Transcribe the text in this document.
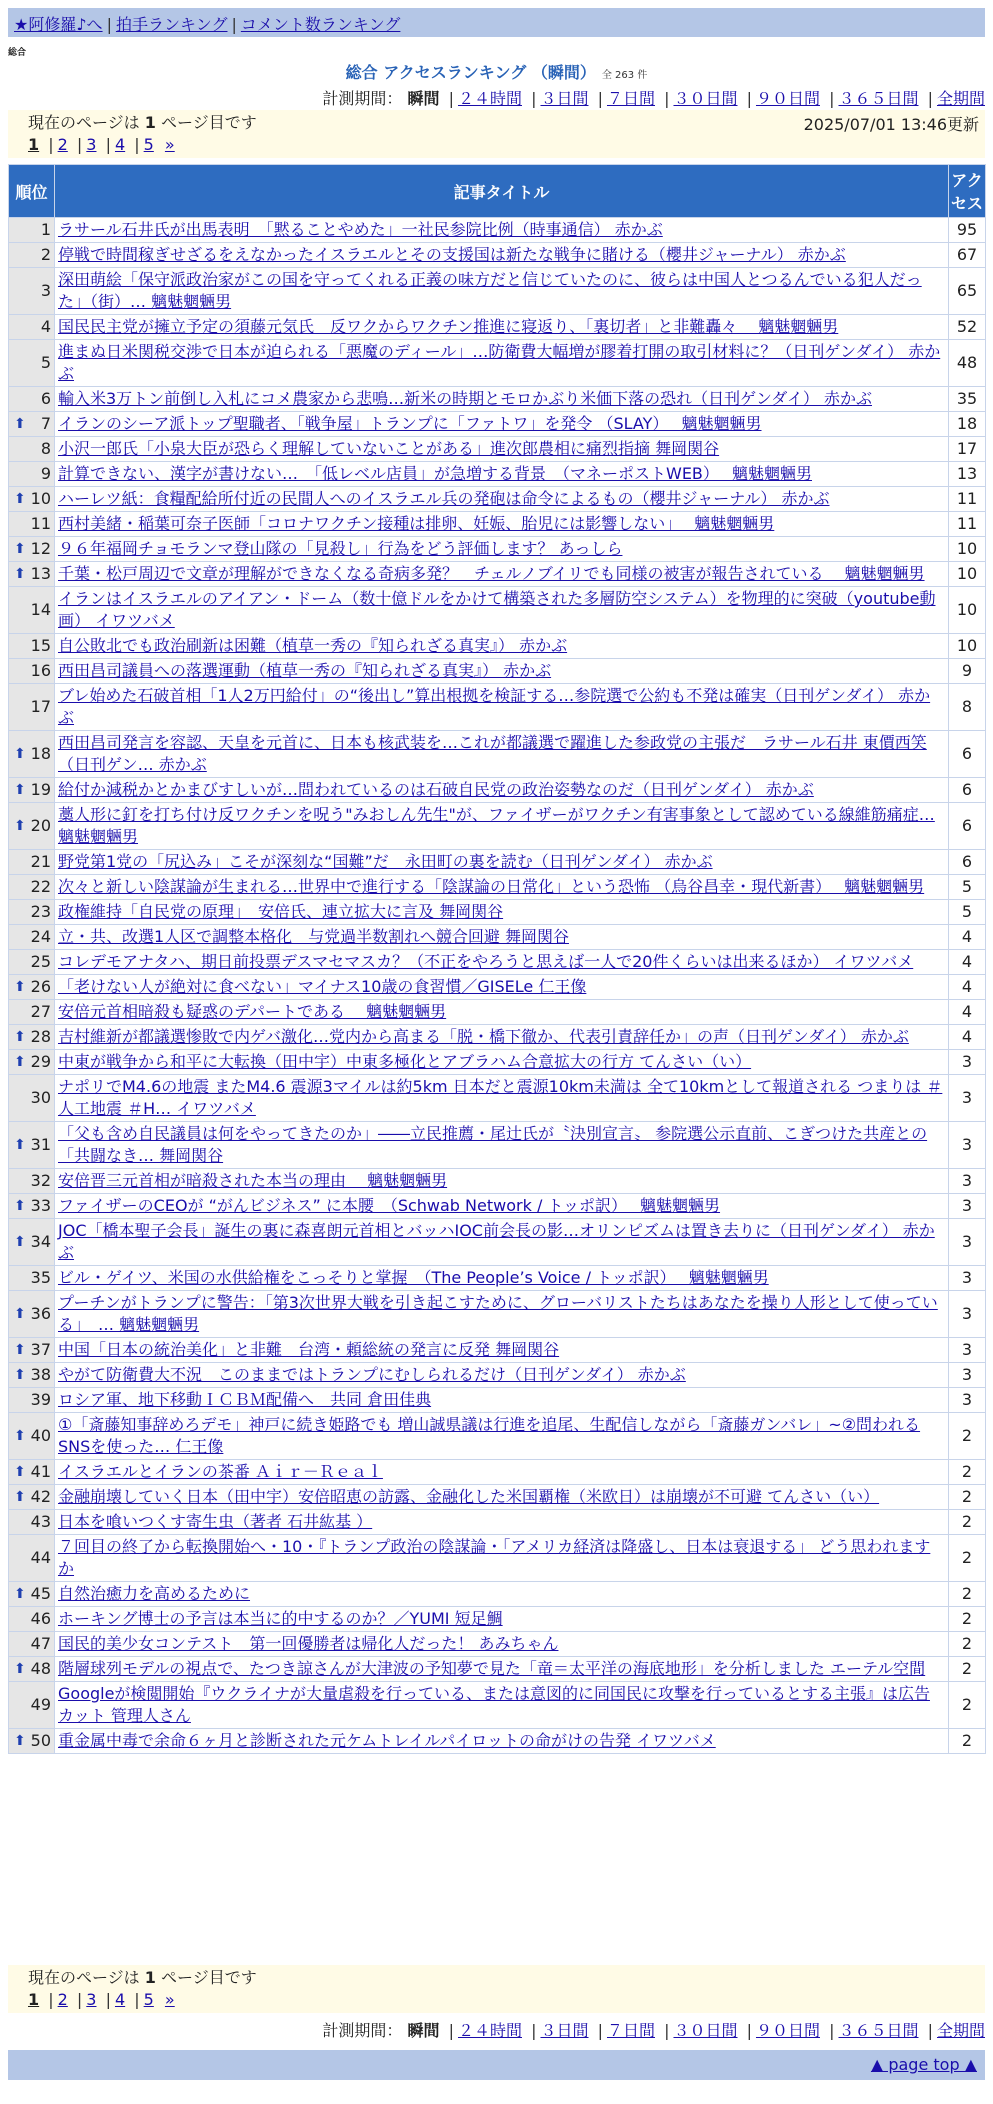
★阿修羅♪へ | 拍手ランキング | コメント数ランキング
総合
総合 アクセスランキング （瞬間） 全 263 件
計測期間： 瞬間 | ２４時間 | ３日間 | ７日間 | ３０日間 | ９０日間 | ３６５日間 | 全期間
現在のページは 1 ページ目です	2025/07/01 13:46更新
1 | 2 | 3 | 4 | 5 »
順位	記事タイトル	アクセス
1	ラサール石井氏が出馬表明　「黙ることやめた」一社民参院比例（時事通信） 赤かぶ	95
2	停戦で時間稼ぎせざるをえなかったイスラエルとその支援国は新たな戦争に賭ける（櫻井ジャーナル） 赤かぶ	67
3	深田萌絵「保守派政治家がこの国を守ってくれる正義の味方だと信じていたのに、彼らは中国人とつるんでいる犯人だった」（街）… 魑魅魍魎男	65
4	国民民主党が擁立予定の須藤元気氏　反ワクからワクチン推進に寝返り、「裏切者」と非難轟々　 魑魅魍魎男	52
5	進まぬ日米関税交渉で日本が迫られる「悪魔のディール」…防衛費大幅増が膠着打開の取引材料に？（日刊ゲンダイ） 赤かぶ	48
6	輸入米3万トン前倒し入札にコメ農家から悲鳴…新米の時期とモロかぶり米価下落の恐れ（日刊ゲンダイ） 赤かぶ	35

⬆ 7	イランのシーア派トップ聖職者、「戦争屋」トランプに「ファトワ」を発令 （SLAY）　 魑魅魍魎男	18
8	小沢一郎氏「小泉大臣が恐らく理解していないことがある」進次郎農相に痛烈指摘 舞岡関谷	17
9	計算できない、漢字が書けない…　「低レベル店員」が急増する背景　（マネーポストWEB）　 魑魅魍魎男	13

⬆ 10	ハーレツ紙：食糧配給所付近の民間人へのイスラエル兵の発砲は命令によるもの（櫻井ジャーナル） 赤かぶ	11
11	西村美緒・稲葉可奈子医師「コロナワクチン接種は排卵、妊娠、胎児には影響しない」　 魑魅魍魎男	11

⬆ 12	９６年福岡チョモランマ登山隊の「見殺し」行為をどう評価します？ あっしら	10

⬆ 13	千葉・松戸周辺で文章が理解ができなくなる奇病多発？　チェルノブイリでも同様の被害が報告されている　 魑魅魍魎男	10
14	イランはイスラエルのアイアン・ドーム（数十億ドルをかけて構築された多層防空システム）を物理的に突破（youtube動画） イワツバメ	10
15	自公敗北でも政治刷新は困難（植草一秀の『知られざる真実』） 赤かぶ	10
16	西田昌司議員への落選運動（植草一秀の『知られざる真実』） 赤かぶ	9
17	ブレ始めた石破首相「1人2万円給付」の“後出し”算出根拠を検証する…参院選で公約も不発は確実（日刊ゲンダイ） 赤かぶ	8

⬆ 18	西田昌司発言を容認、天皇を元首に、日本も核武装を…これが都議選で躍進した参政党の主張だ　ラサール石井 東價西笑（日刊ゲン… 赤かぶ	6

⬆ 19	給付か減税かとかまびすしいが…問われているのは石破自民党の政治姿勢なのだ（日刊ゲンダイ） 赤かぶ	6

⬆ 20	藁人形に釘を打ち付け反ワクチンを呪う"みおしん先生"が、ファイザーがワクチン有害事象として認めている線維筋痛症… 魑魅魍魎男	6
21	野党第1党の「尻込み」こそが深刻な“国難”だ　永田町の裏を読む（日刊ゲンダイ） 赤かぶ	6
22	次々と新しい陰謀論が生まれる…世界中で進行する「陰謀論の日常化」という恐怖 （烏谷昌幸・現代新書）　 魑魅魍魎男	5
23	政権維持「自民党の原理」　安倍氏、連立拡大に言及 舞岡関谷	5
24	立・共、改選1人区で調整本格化　与党過半数割れへ競合回避 舞岡関谷	4
25	コレデモアナタハ、期日前投票デスマセマスカ？（不正をやろうと思えば一人で20件くらいは出来るほか） イワツバメ	4

⬆ 26	「老けない人が絶対に食べない」マイナス10歳の食習慣／GISELe 仁王像	4
27	安倍元首相暗殺も疑惑のデパートである　 魑魅魍魎男	4

⬆ 28	吉村維新が都議選惨敗で内ゲバ激化…党内から高まる「脱・橋下徹か、代表引責辞任か」の声（日刊ゲンダイ） 赤かぶ	4

⬆ 29	中東が戦争から和平に大転換（田中宇）中東多極化とアブラハム合意拡大の行方 てんさい（い）	3
30	ナポリでM4.6の地震 またM4.6 震源3マイルは約5km 日本だと震源10km未満は 全て10kmとして報道される つまりは ＃人工地震 ＃H… イワツバメ	3

⬆ 31	「父も含め自民議員は何をやってきたのか」――立民推薦・尾辻氏が〝決別宣言〟 参院選公示直前、こぎつけた共産との「共闘なき… 舞岡関谷	3
32	安倍晋三元首相が暗殺された本当の理由　 魑魅魍魎男	3

⬆ 33	ファイザーのCEOが “がんビジネス” に本腰　（Schwab Network / トッポ訳）　 魑魅魍魎男	3

⬆ 34	JOC「橋本聖子会長」誕生の裏に森喜朗元首相とバッハIOC前会長の影…オリンピズムは置き去りに（日刊ゲンダイ） 赤かぶ	3
35	ビル・ゲイツ、米国の水供給権をこっそりと掌握　（The People’s Voice / トッポ訳）　 魑魅魍魎男	3

⬆ 36	プーチンがトランプに警告：「第3次世界大戦を引き起こすために、グローバリストたちはあなたを操り人形として使っている」　… 魑魅魍魎男	3

⬆ 37	中国「日本の統治美化」と非難　台湾・頼総統の発言に反発 舞岡関谷	3

⬆ 38	やがて防衛費大不況　このままではトランプにむしられるだけ（日刊ゲンダイ） 赤かぶ	3
39	ロシア軍、地下移動ＩＣＢＭ配備へ　共同 倉田佳典	3

⬆ 40	①「斎藤知事辞めろデモ」神戸に続き姫路でも 増山誠県議は行進を追尾、生配信しながら「斎藤ガンバレ」~②問われるSNSを使った… 仁王像	2

⬆ 41	イスラエルとイランの茶番 Ａｉｒ－Ｒｅａｌ	2

⬆ 42	金融崩壊していく日本（田中宇）安倍昭恵の訪露、金融化した米国覇権（米欧日）は崩壊が不可避 てんさい（い）	2
43	日本を喰いつくす寄生虫（著者 石井紘基 ）	2
44	７回目の終了から転換開始へ・10・『トランプ政治の陰謀論・「アメリカ経済は降盛し、日本は衰退する」 どう思われますか	2

⬆ 45	自然治癒力を高めるために	2
46	ホーキング博士の予言は本当に的中するのか？／YUMI 短足鯛	2
47	国民的美少女コンテスト　第一回優勝者は帰化人だった！ あみちゃん	2

⬆ 48	階層球列モデルの視点で、たつき諒さんが大津波の予知夢で見た「竜＝太平洋の海底地形」を分析しました エーテル空間	2
49	Googleが検閲開始『ウクライナが大量虐殺を行っている、または意図的に同国民に攻撃を行っているとする主張』は広告カット 管理人さん	2

⬆ 50	重金属中毒で余命６ヶ月と診断された元ケムトレイルパイロットの命がけの告発 イワツバメ	2
現在のページは 1 ページ目です
1 | 2 | 3 | 4 | 5 »
計測期間： 瞬間 | ２４時間 | ３日間 | ７日間 | ３０日間 | ９０日間 | ３６５日間 | 全期間
▲ page top ▲
